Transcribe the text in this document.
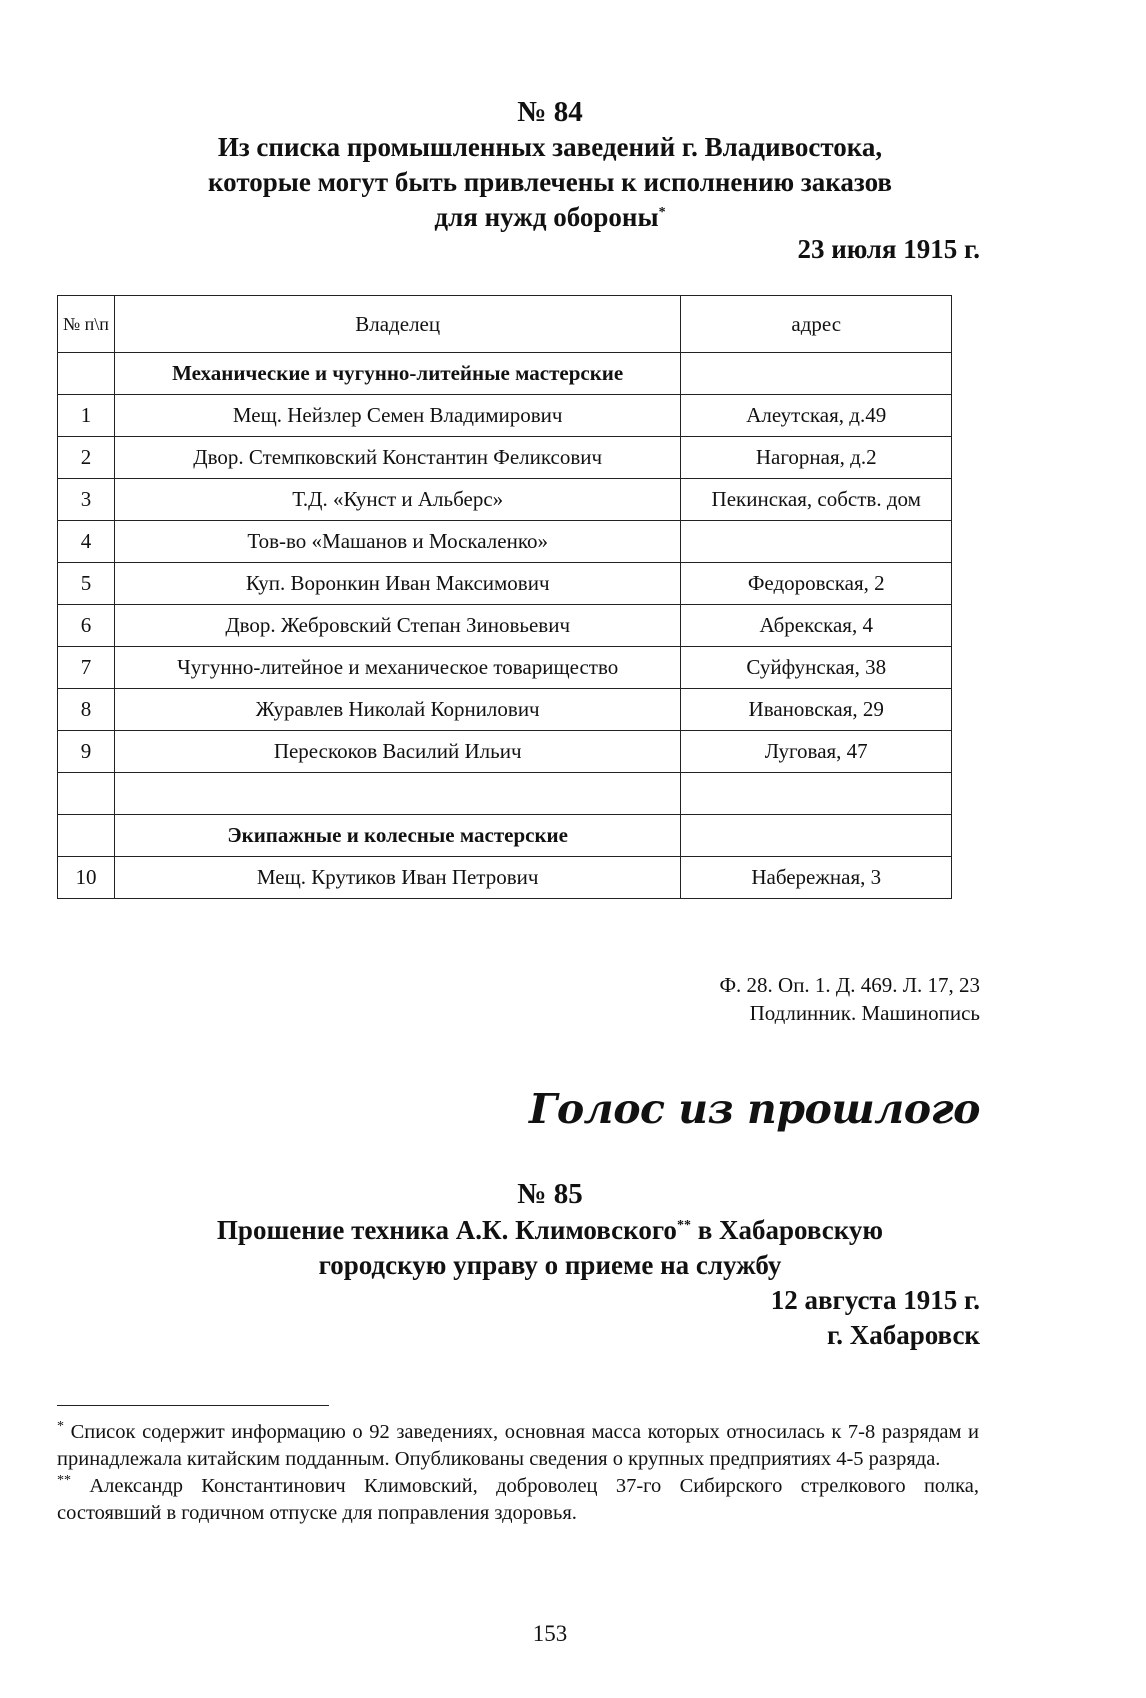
№ 84
Из списка промышленных заведений г. Владивостока,
которые могут быть привлечены к исполнению заказов
для нужд обороны*
23 июля 1915 г.
№ п\п	Владелец	адрес
	Механические и чугунно-литейные мастерские	
1	Мещ. Нейзлер Семен Владимирович	Алеутская, д.49
2	Двор. Стемпковский Константин Феликсович	Нагорная, д.2
3	Т.Д. «Кунст и Альберс»	Пекинская, собств. дом
4	Тов-во «Машанов и Москаленко»	
5	Куп. Воронкин Иван Максимович	Федоровская, 2
6	Двор. Жебровский Степан Зиновьевич	Абрекская, 4
7	Чугунно-литейное и механическое товарищество	Суйфунская, 38
8	Журавлев Николай Корнилович	Ивановская, 29
9	Перескоков Василий Ильич	Луговая, 47

	Экипажные и колесные мастерские	
10	Мещ. Крутиков Иван Петрович	Набережная, 3
Ф. 28. Оп. 1. Д. 469. Л. 17, 23
Подлинник. Машинопись
Голос из прошлого
№ 85
Прошение техника А.К. Климовского** в Хабаровскую
городскую управу о приеме на службу
12 августа 1915 г.
г. Хабаровск

* Список содержит информацию о 92 заведениях, основная масса которых относилась к 7-8 разрядам и принадлежала китайским подданным. Опубликованы сведения о крупных предприятиях 4-5 разряда.

** Александр Константинович Климовский, доброволец 37-го Сибирского стрелкового полка, состоявший в годичном отпуске для поправления здоровья.

153
